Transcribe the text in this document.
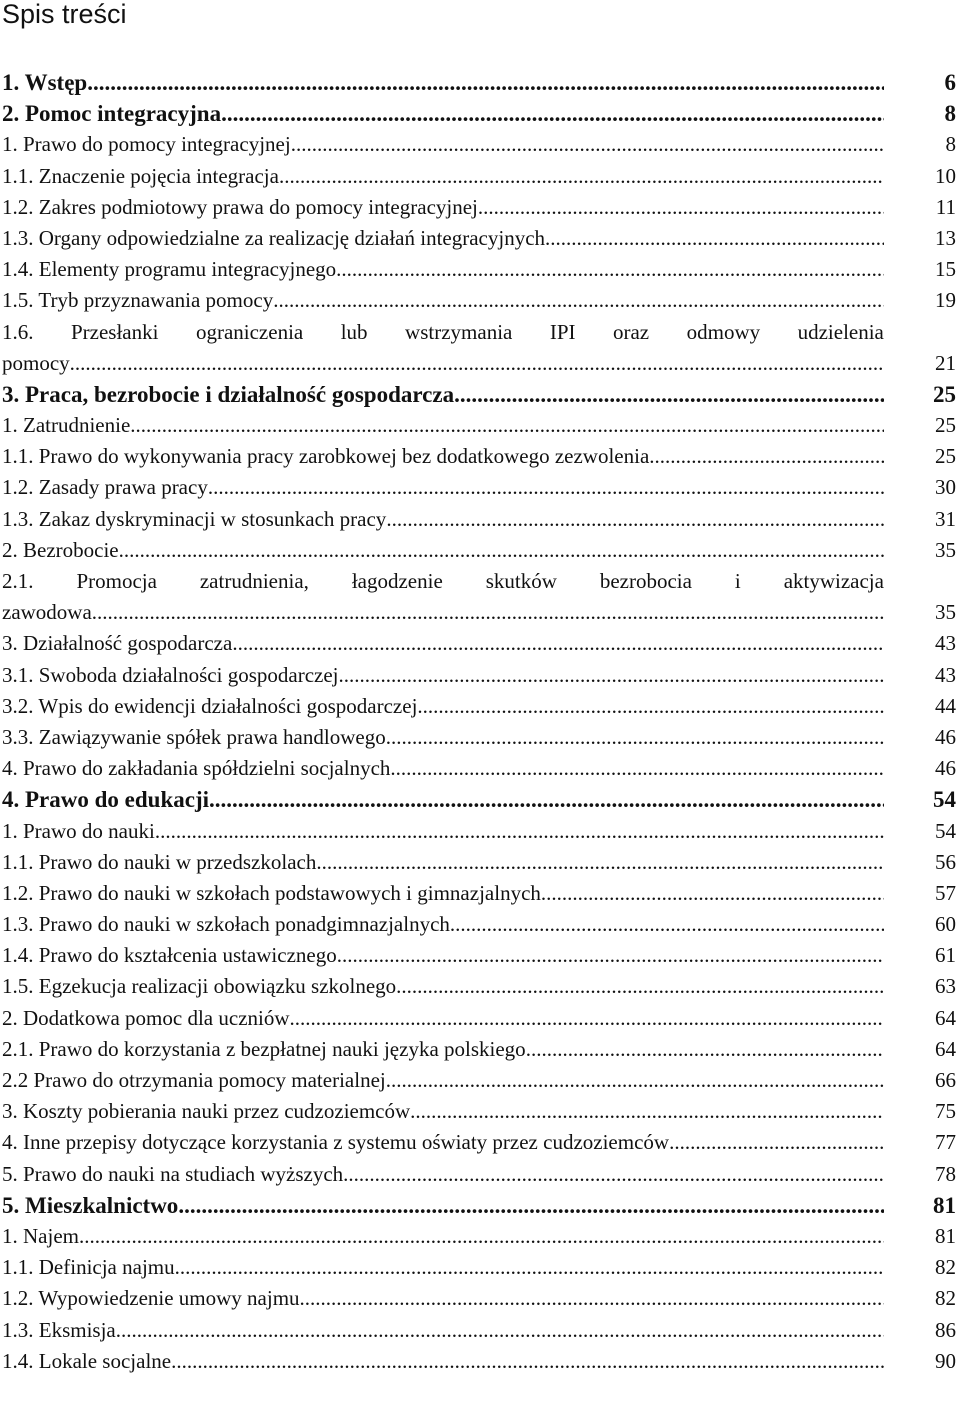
Spis treści
1. Wstęp .....	6
2. Pomoc integracyjna .....	8
1. Prawo do pomocy integracyjnej .....	8
1.1. Znaczenie pojęcia integracja .....	10
1.2. Zakres podmiotowy prawa do pomocy integracyjnej .....	11
1.3. Organy odpowiedzialne za realizację działań integracyjnych .....	13
1.4. Elementy programu integracyjnego .....	15
1.5. Tryb przyznawania pomocy .....	19
1.6. Przesłanki ograniczenia lub wstrzymania IPI oraz odmowy udzielenia
pomocy .....	21
3. Praca, bezrobocie i działalność gospodarcza .....	25
1. Zatrudnienie .....	25
1.1. Prawo do wykonywania pracy zarobkowej bez dodatkowego zezwolenia .....	25
1.2. Zasady prawa pracy .....	30
1.3. Zakaz dyskryminacji w stosunkach pracy .....	31
2. Bezrobocie .....	35
2.1. Promocja zatrudnienia, łagodzenie skutków bezrobocia i aktywizacja
zawodowa .....	35
3. Działalność gospodarcza .....	43
3.1. Swoboda działalności gospodarczej .....	43
3.2. Wpis do ewidencji działalności gospodarczej .....	44
3.3. Zawiązywanie spółek prawa handlowego .....	46
4. Prawo do zakładania spółdzielni socjalnych .....	46
4. Prawo do edukacji .....	54
1. Prawo do nauki .....	54
1.1. Prawo do nauki w przedszkolach .....	56
1.2. Prawo do nauki w szkołach podstawowych i gimnazjalnych .....	57
1.3. Prawo do nauki w szkołach ponadgimnazjalnych .....	60
1.4. Prawo do kształcenia ustawicznego .....	61
1.5. Egzekucja realizacji obowiązku szkolnego .....	63
2. Dodatkowa pomoc dla uczniów .....	64
2.1. Prawo do korzystania z bezpłatnej nauki języka polskiego .....	64
2.2 Prawo do otrzymania pomocy materialnej .....	66
3. Koszty pobierania nauki przez cudzoziemców .....	75
4. Inne przepisy dotyczące korzystania z systemu oświaty przez cudzoziemców .....	77
5. Prawo do nauki na studiach wyższych .....	78
5. Mieszkalnictwo .....	81
1. Najem .....	81
1.1. Definicja najmu .....	82
1.2. Wypowiedzenie umowy najmu .....	82
1.3. Eksmisja .....	86
1.4. Lokale socjalne .....	90
